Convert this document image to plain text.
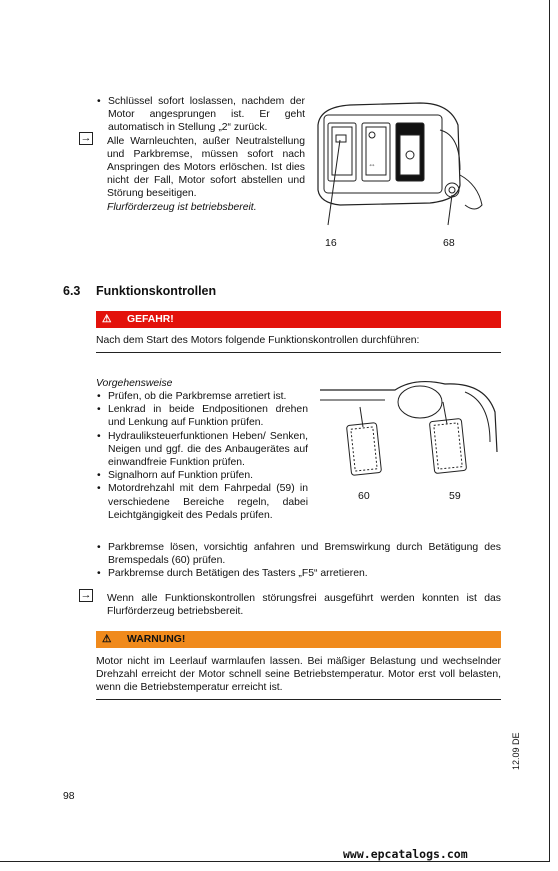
• Schlüssel sofort loslassen, nachdem der Motor angesprungen ist. Er geht automatisch in Stellung „2“ zurück.

Alle Warnleuchten, außer Neutralstellung und Parkbremse, müssen sofort nach Anspringen des Motors erlöschen. Ist dies nicht der Fall, Motor sofort abstellen und Störung beseitigen.

Flurförderzeug ist betriebsbereit.

→
⇔
16	68
6.3 Funktionskontrollen
⚠ GEFAHR!
Nach dem Start des Motors folgende Funktionskontrollen durchführen:
Vorgehensweise
• Prüfen, ob die Parkbremse arretiert ist.
• Lenkrad in beide Endpositionen drehen und Lenkung auf Funktion prüfen.
• Hydrauliksteuerfunktionen Heben/ Senken, Neigen und ggf. die des Anbaugerätes auf einwandfreie Funktion prüfen.
• Signalhorn auf Funktion prüfen.
• Motordrehzahl mit dem Fahrpedal (59) in verschiedene Bereiche regeln, dabei Leichtgängigkeit des Pedals prüfen.
• Parkbremse lösen, vorsichtig anfahren und Bremswirkung durch Betätigung des Bremspedals (60) prüfen.
• Parkbremse durch Betätigen des Tasters „F5“ arretieren.
60	59
→ Wenn alle Funktionskontrollen störungsfrei ausgeführt werden konnten ist das Flurförderzeug betriebsbereit.

⚠ WARNUNG!

Motor nicht im Leerlauf warmlaufen lassen. Bei mäßiger Belastung und wechselnder Drehzahl erreicht der Motor schnell seine Betriebstemperatur. Motor erst voll belasten, wenn die Betriebstemperatur erreicht ist.

12.09 DE
98
www.epcatalogs.com
